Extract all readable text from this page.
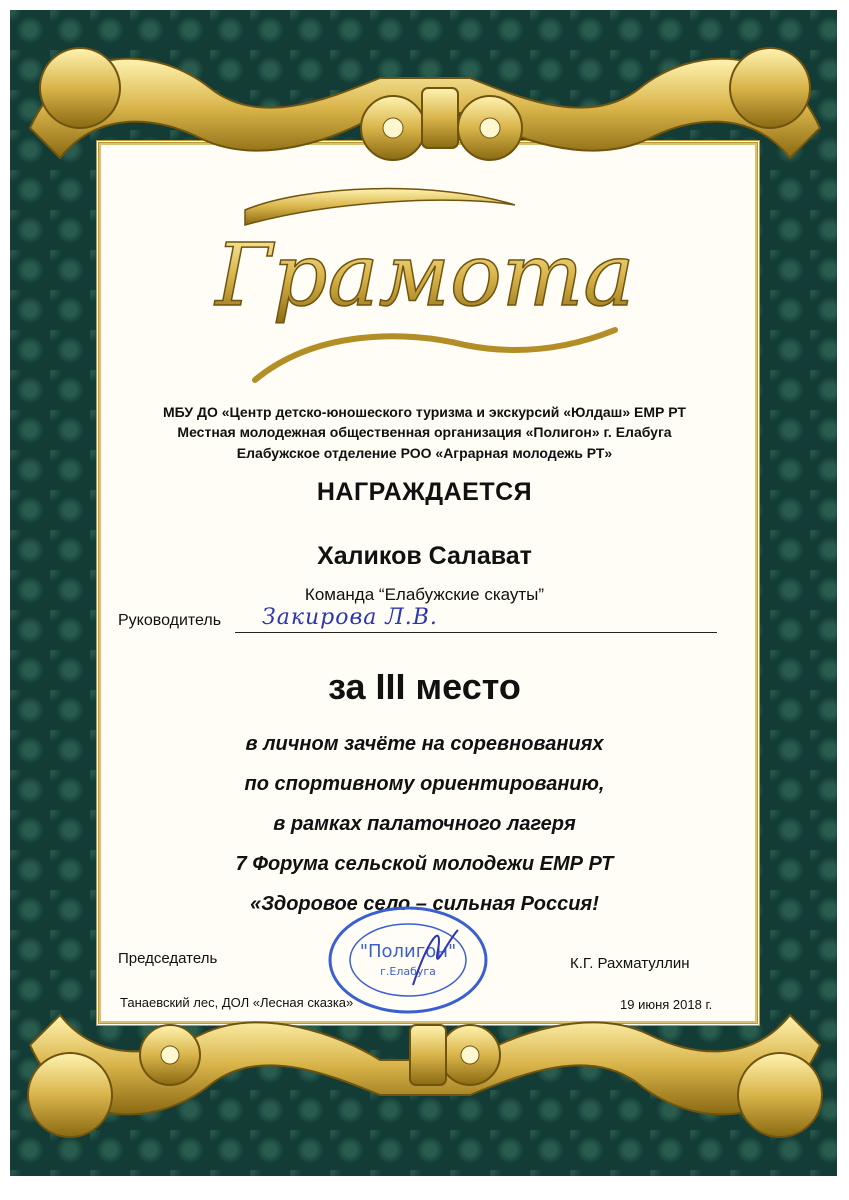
Грамота
МБУ ДО «Центр детско-юношеского туризма и экскурсий «Юлдаш» ЕМР РТ
Местная молодежная общественная организация «Полигон» г. Елабуга
Елабужское отделение РОО «Аграрная молодежь РТ»
НАГРАЖДАЕТСЯ
Халиков Салават
Команда “Елабужские скауты”
Руководитель Закирова Л.В.
за III место
в личном зачёте на соревнованиях
по спортивному ориентированию,
в рамках палаточного лагеря
7 Форума сельской молодежи ЕМР РТ
«Здоровое село – сильная Россия!
"Полигон"
г.Елабуга
Председатель	К.Г. Рахматуллин
Танаевский лес, ДОЛ «Лесная сказка»	19 июня 2018 г.
